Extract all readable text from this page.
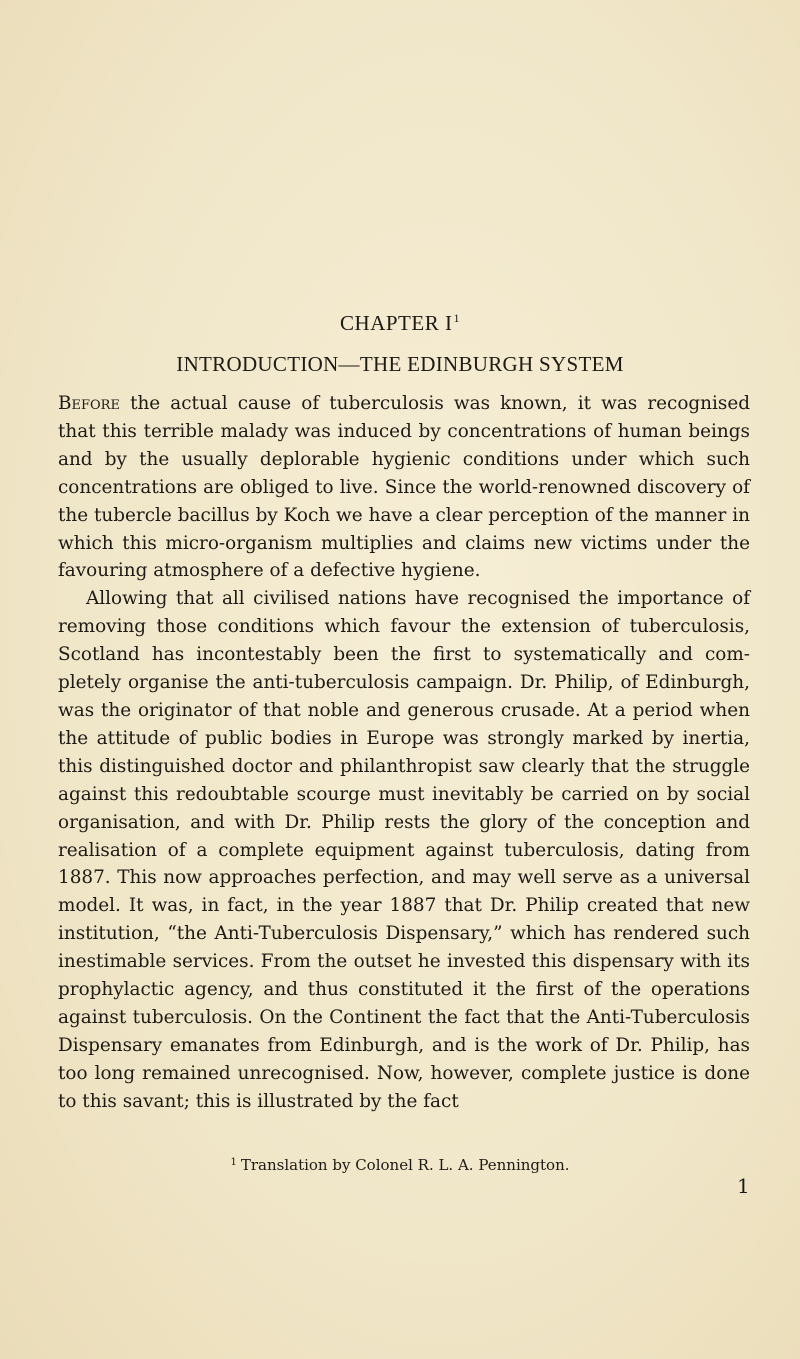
CHAPTER $I^1$
INTRODUCTION—THE EDINBURGH SYSTEM

Before the actual cause of tuberculosis was known, it was recognised that this terrible malady was induced by concentrations of human beings and by the usually deplorable hygienic conditions under which such concentrations are obliged to live. Since the world-renowned discovery of the tubercle bacillus by Koch we have a clear perception of the manner in which this micro-organism multiplies and claims new victims under the favouring atmosphere of a defective hygiene.

Allowing that all civilised nations have recognised the importance of removing those conditions which favour the extension of tuberculosis, Scotland has incontestably been the first to systematically and completely organise the anti-tuberculosis campaign. Dr. Philip, of Edinburgh, was the originator of that noble and generous crusade. At a period when the attitude of public bodies in Europe was strongly marked by inertia, this distinguished doctor and philanthropist saw clearly that the struggle against this redoubtable scourge must inevitably be carried on by social organisation, and with Dr. Philip rests the glory of the conception and realisation of a complete equipment against tuberculosis, dating from 1887. This now approaches perfection, and may well serve as a universal model. It was, in fact, in the year 1887 that Dr. Philip created that new institution, “the Anti-Tuberculosis Dispensary,” which has rendered such inestimable services. From the outset he invested this dispensary with its prophylactic agency, and thus constituted it the first of the operations against tuberculosis. On the Continent the fact that the Anti-Tuberculosis Dispensary emanates from Edinburgh, and is the work of Dr. Philip, has too long remained unrecognised. Now, however, complete justice is done to this savant; this is illustrated by the fact

$^1$ Translation by Colonel R. L. A. Pennington.
1
